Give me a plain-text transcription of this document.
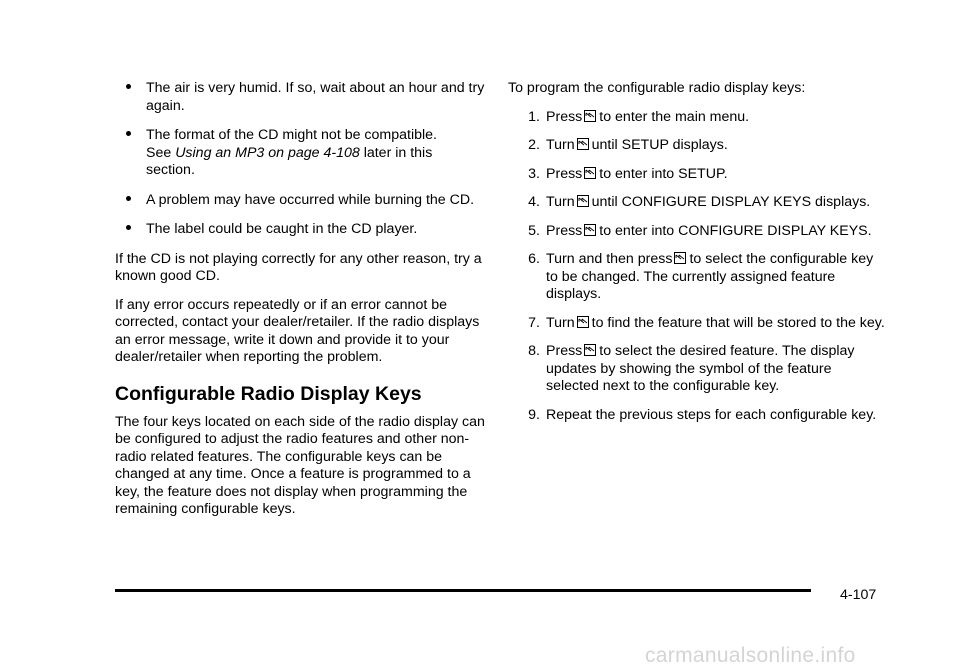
The air is very humid. If so, wait about an hour and try again.
The format of the CD might not be compatible.
See Using an MP3 on page 4-108 later in this section.
A problem may have occurred while burning the CD.
The label could be caught in the CD player.

If the CD is not playing correctly for any other reason, try a known good CD.

If any error occurs repeatedly or if an error cannot be corrected, contact your dealer/retailer. If the radio displays an error message, write it down and provide it to your dealer/retailer when reporting the problem.

Configurable Radio Display Keys

The four keys located on each side of the radio display can be configured to adjust the radio features and other non-radio related features. The configurable keys can be changed at any time. Once a feature is programmed to a key, the feature does not display when programming the remaining configurable keys.

To program the configurable radio display keys:

1. Press to enter the main menu.
2. Turn until SETUP displays.
3. Press to enter into SETUP.
4. Turn until CONFIGURE DISPLAY KEYS displays.
5. Press to enter into CONFIGURE DISPLAY KEYS.
6. Turn and then press to select the configurable key to be changed. The currently assigned feature displays.
7. Turn to find the feature that will be stored to the key.
8. Press to select the desired feature. The display updates by showing the symbol of the feature selected next to the configurable key.
9. Repeat the previous steps for each configurable key.
4-107
carmanualsonline.info
